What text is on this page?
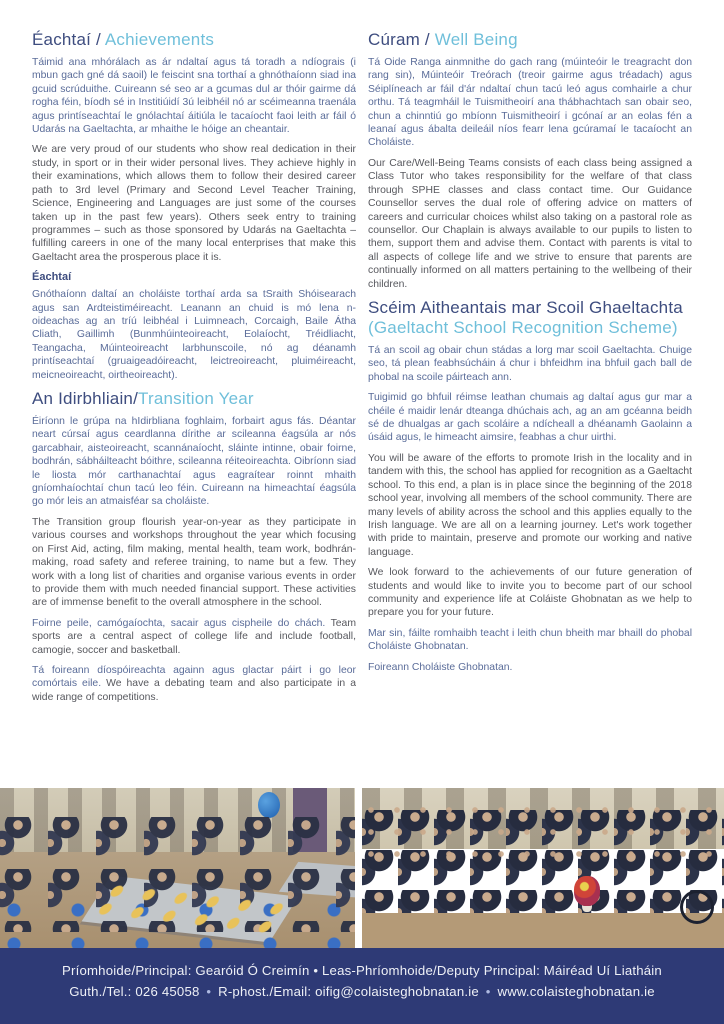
Éachtaí / Achievements

Táimid ana mhórálach as ár ndaltaí agus tá toradh a ndíograis (i mbun gach gné dá saoil) le feiscint sna torthaí a ghnóthaíonn siad ina gcuid scrúduithe. Cuireann sé seo ar a gcumas dul ar thóir gairme dá rogha féin, bíodh sé in Institiúidí 3ú leibhéil nó ar scéimeanna traenála agus printíseachtaí le gnólachtaí áitiúla le tacaíocht faoi leith ar fáil ó Udarás na Gaeltachta, ar mhaithe le hóige an cheantair.

We are very proud of our students who show real dedication in their study, in sport or in their wider personal lives. They achieve highly in their examinations, which allows them to follow their desired career path to 3rd level (Primary and Second Level Teacher Training, Science, Engineering and Languages are just some of the courses taken up in the past few years). Others seek entry to training programmes – such as those sponsored by Udarás na Gaeltachta –fulfilling careers in one of the many local enterprises that make this Gaeltacht area the prosperous place it is.

Éachtaí

Gnóthaíonn daltaí an choláiste torthaí arda sa tSraith Shóisearach agus san Ardteistiméireacht. Leanann an chuid is mó lena n-oideachas ag an tríú leibhéal i Luimneach, Corcaigh, Baile Átha Cliath, Gaillimh (Bunmhúinteoireacht, Eolaíocht, Tréidliacht, Teangacha, Múinteoireacht larbhunscoile, nó ag déanamh printíseachtaí (gruaigeadóireacht, leictreoireacht, pluiméireacht, meicneoireacht, oirtheoireacht).

An Idirbhliain/Transition Year

Éiríonn le grúpa na hIdirbliana foghlaim, forbairt agus fás. Déantar neart cúrsaí agus ceardlanna dírithe ar scileanna éagsúla ar nós garcabhair, aisteoireacht, scannánaíocht, sláinte intinne, obair foirne, bodhrán, sábháilteacht bóithre, scileanna réiteoireachta. Oibríonn siad le liosta mór carthanachtaí agus eagraítear roinnt mhaith gníomhaíochtaí chun tacú leo féin. Cuireann na himeachtaí éagsúla go mór leis an atmaisféar sa choláiste.

The Transition group flourish year-on-year as they participate in various courses and workshops throughout the year which focusing on First Aid, acting, film making, mental health, team work, bodhrán-making, road safety and referee training, to name but a few. They work with a long list of charities and organise various events in order to provide them with much needed financial support. These activities are of immense benefit to the overall atmosphere in the school.

Foirne peile, camógaíochta, sacair agus cispheile do chách. Team sports are a central aspect of college life and include football, camogie, soccer and basketball.

Tá foireann díospóireachta againn agus glactar páirt i go leor comórtais eile. We have a debating team and also participate in a wide range of competitions.

Cúram / Well Being

Tá Oide Ranga ainmnithe do gach rang (múinteóir le treagracht don rang sin), Múinteóir Treórach (treoir gairme agus tréadach) agus Séiplíneach ar fáil d'ár ndaltaí chun tacú leó agus comhairle a chur orthu. Tá teagmháil le Tuismitheoirí ana thábhachtach san obair seo, chun a chinntiú go mbíonn Tuismitheoirí i gcónaí ar an eolas fén a leanaí agus ábalta deileáil níos fearr lena gcúramaí le tacaíocht an Choláiste.

Our Care/Well-Being Teams consists of each class being assigned a Class Tutor who takes responsibility for the welfare of that class through SPHE classes and class contact time. Our Guidance Counsellor serves the dual role of offering advice on matters of careers and curricular choices whilst also taking on a pastoral role as counsellor. Our Chaplain is always available to our pupils to listen to them, support them and advise them. Contact with parents is vital to all aspects of college life and we strive to ensure that parents are continually informed on all matters pertaining to the wellbeing of their children.

Scéim Aitheantais mar Scoil Ghaeltachta (Gaeltacht School Recognition Scheme)

Tá an scoil ag obair chun stádas a lorg mar scoil Gaeltachta. Chuige seo, tá plean feabhsúcháin á chur i bhfeidhm ina bhfuil gach ball de phobal na scoile páirteach ann.

Tuigimid go bhfuil réimse leathan chumais ag daltaí agus gur mar a chéile é maidir lenár dteanga dhúchais ach, ag an am gcéanna beidh sé de dhualgas ar gach scoláire a ndícheall a dhéanamh Gaolainn a úsáid agus, le himeacht aimsire, feabhas a chur uirthi.

You will be aware of the efforts to promote Irish in the locality and in tandem with this, the school has applied for recognition as a Gaeltacht school. To this end, a plan is in place since the beginning of the 2018 school year, involving all members of the school community. There are many levels of ability across the school and this applies equally to the Irish language. We are all on a learning journey. Let's work together with pride to maintain, preserve and promote our working and native language.

We look forward to the achievements of our future generation of students and would like to invite you to become part of our school community and experience life at Coláiste Ghobnatan as we help to prepare you for your future.

Mar sin, fáilte romhaibh teacht i leith chun bheith mar bhaill do phobal Choláiste Ghobnatan.

Foireann Choláiste Ghobnatan.

Príomhoide/Principal: Gearóid Ó Creimín • Leas-Phríomhoide/Deputy Principal: Máiréad Uí Liatháin
Guth./Tel.: 026 45058 • R-phost./Email: oifig@colaisteghobnatan.ie • www.colaisteghobnatan.ie
